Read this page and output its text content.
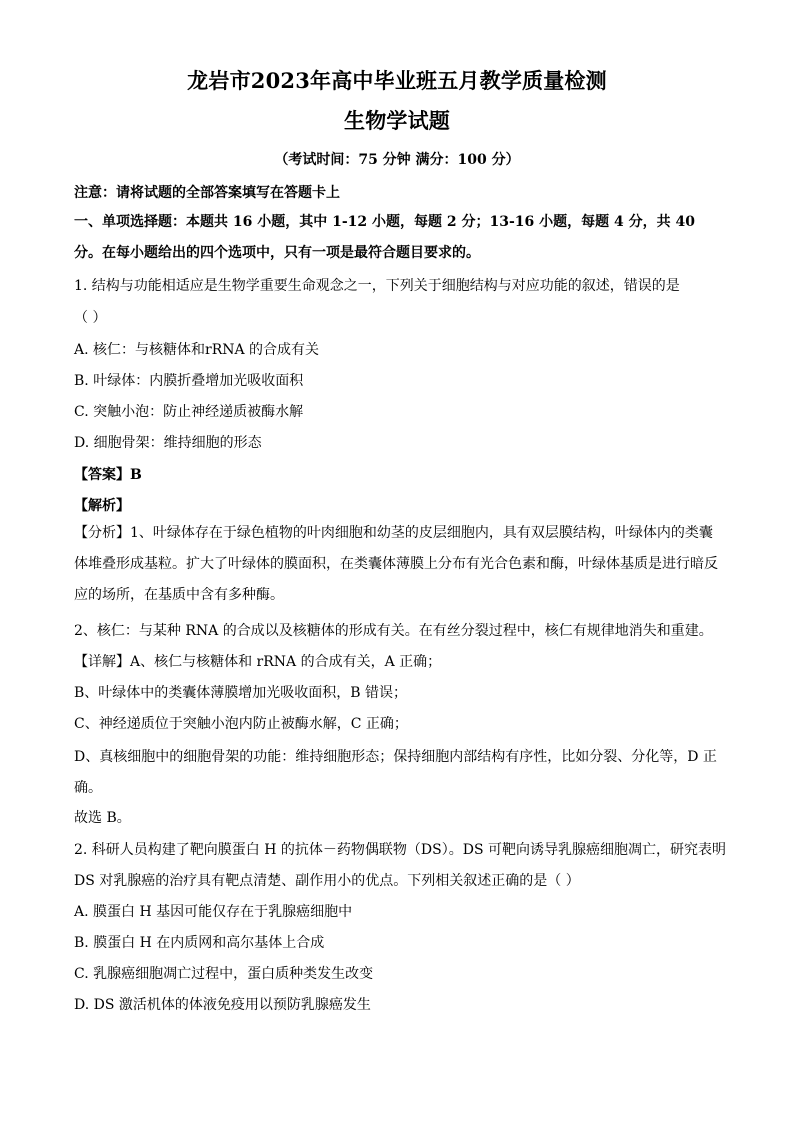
龙岩市2023年高中毕业班五月教学质量检测
生物学试题
（考试时间：75 分钟 满分：100 分）
注意：请将试题的全部答案填写在答题卡上
一、单项选择题：本题共 16 小题，其中 1-12 小题，每题 2 分；13-16 小题，每题 4 分，共 40 分。在每小题给出的四个选项中，只有一项是最符合题目要求的。
1. 结构与功能相适应是生物学重要生命观念之一，下列关于细胞结构与对应功能的叙述，错误的是
（ ）
A. 核仁：与核糖体和rRNA 的合成有关
B. 叶绿体：内膜折叠增加光吸收面积
C. 突触小泡：防止神经递质被酶水解
D. 细胞骨架：维持细胞的形态
【答案】B
【解析】
【分析】1、叶绿体存在于绿色植物的叶肉细胞和幼茎的皮层细胞内，具有双层膜结构，叶绿体内的类囊体堆叠形成基粒。扩大了叶绿体的膜面积，在类囊体薄膜上分布有光合色素和酶，叶绿体基质是进行暗反应的场所，在基质中含有多种酶。
2、核仁：与某种 RNA 的合成以及核糖体的形成有关。在有丝分裂过程中，核仁有规律地消失和重建。
【详解】A、核仁与核糖体和 rRNA 的合成有关，A 正确；
B、叶绿体中的类囊体薄膜增加光吸收面积，B 错误；
C、神经递质位于突触小泡内防止被酶水解，C 正确；
D、真核细胞中的细胞骨架的功能：维持细胞形态；保持细胞内部结构有序性，比如分裂、分化等，D 正确。
故选 B。
2. 科研人员构建了靶向膜蛋白 H 的抗体－药物偶联物（DS）。DS 可靶向诱导乳腺癌细胞凋亡，研究表明 DS 对乳腺癌的治疗具有靶点清楚、副作用小的优点。下列相关叙述正确的是（ ）
A. 膜蛋白 H 基因可能仅存在于乳腺癌细胞中
B. 膜蛋白 H 在内质网和高尔基体上合成
C. 乳腺癌细胞凋亡过程中，蛋白质种类发生改变
D. DS 激活机体的体液免疫用以预防乳腺癌发生
